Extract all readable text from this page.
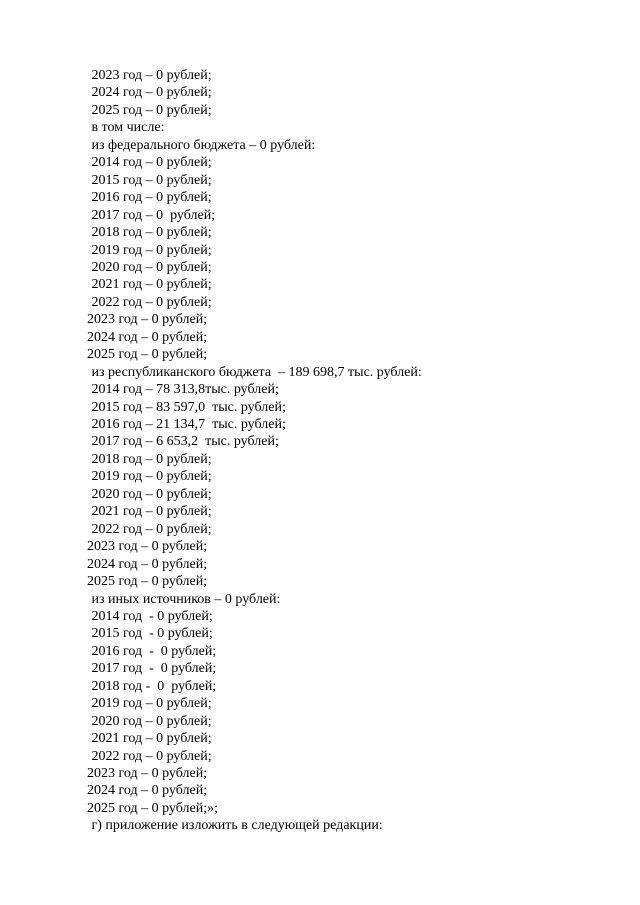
2023 год – 0 рублей;
2024 год – 0 рублей;
2025 год – 0 рублей;
в том числе:
из федерального бюджета – 0 рублей:
2014 год – 0 рублей;
2015 год – 0 рублей;
2016 год – 0 рублей;
2017 год – 0  рублей;
2018 год – 0 рублей;
2019 год – 0 рублей;
2020 год – 0 рублей;
2021 год – 0 рублей;
2022 год – 0 рублей;
2023 год – 0 рублей;
2024 год – 0 рублей;
2025 год – 0 рублей;
из республиканского бюджета  – 189 698,7 тыс. рублей:
2014 год – 78 313,8тыс. рублей;
2015 год – 83 597,0  тыс. рублей;
2016 год – 21 134,7  тыс. рублей;
2017 год – 6 653,2  тыс. рублей;
2018 год – 0 рублей;
2019 год – 0 рублей;
2020 год – 0 рублей;
2021 год – 0 рублей;
2022 год – 0 рублей;
2023 год – 0 рублей;
2024 год – 0 рублей;
2025 год – 0 рублей;
из иных источников – 0 рублей:
2014 год  - 0 рублей;
2015 год  - 0 рублей;
2016 год  -  0 рублей;
2017 год  -  0 рублей;
2018 год -  0  рублей;
2019 год – 0 рублей;
2020 год – 0 рублей;
2021 год – 0 рублей;
2022 год – 0 рублей;
2023 год – 0 рублей;
2024 год – 0 рублей;
2025 год – 0 рублей;»;
г) приложение изложить в следующей редакции:
